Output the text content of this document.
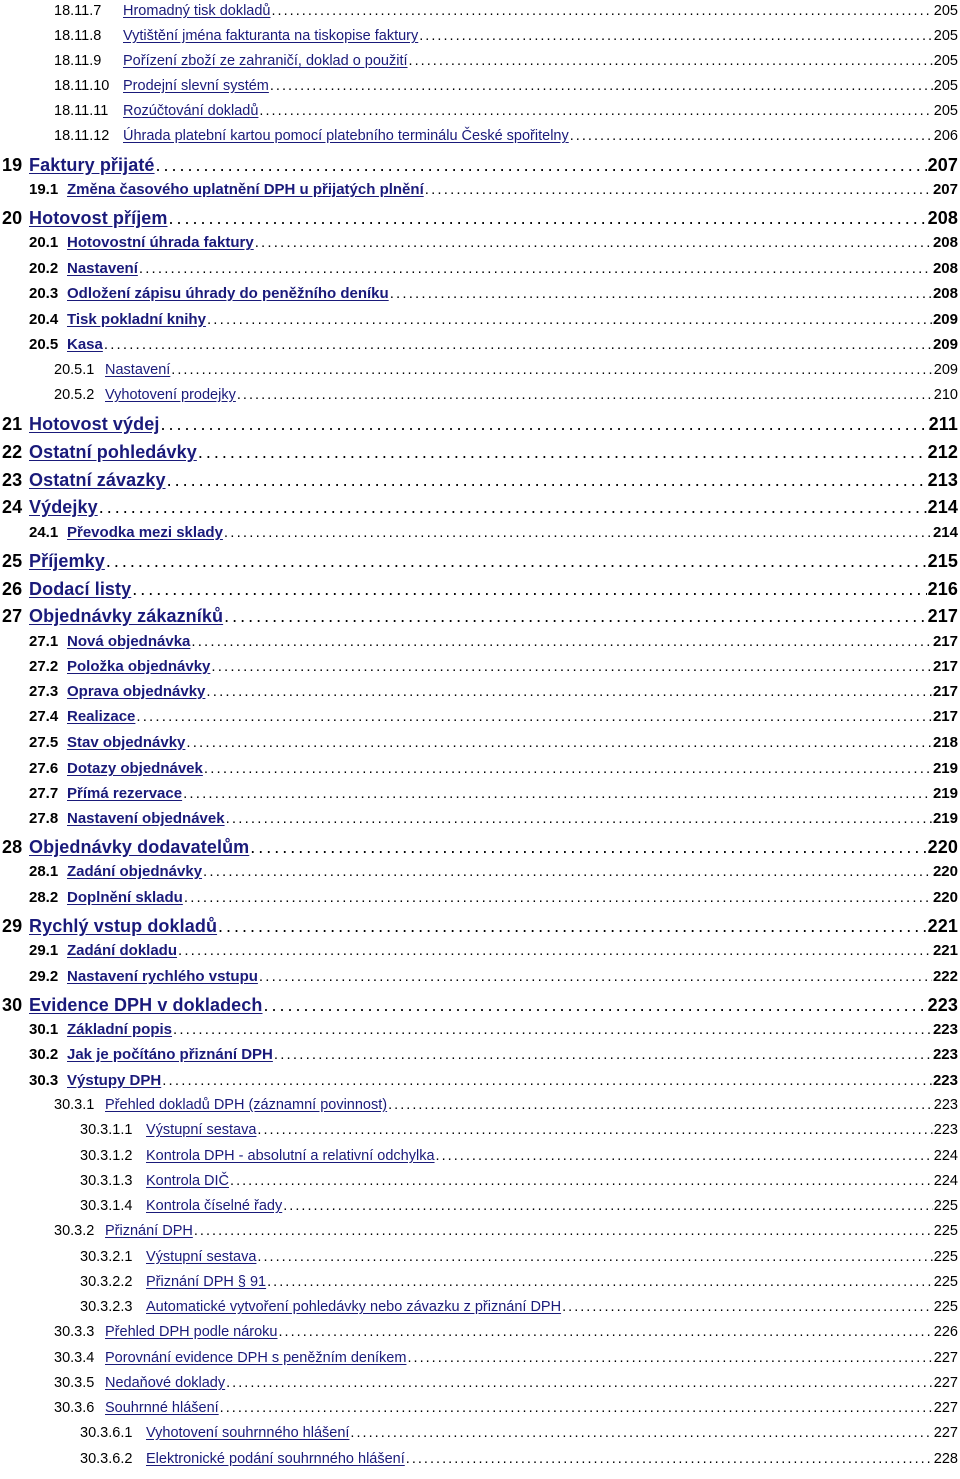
18.11.7	Hromadný tisk dokladů . . .	205
18.11.8	Vytištění jména fakturanta na tiskopise faktury . . .	205
18.11.9	Pořízení zboží ze zahraničí, doklad o použití . . .	205
18.11.10 Prodejní slevní systém . . .	205
18.11.11	Rozúčtování dokladů . . .	205
18.11.12 Úhrada platební kartou pomocí platebního terminálu České spořitelny . . .	206
19 Faktury přijaté . . .	207
19.1 Změna časového uplatnění DPH u přijatých plnění . . .	207
20 Hotovost příjem . . .	208
20.1 Hotovostní úhrada faktury . . .	208
20.2 Nastavení . . .	208
20.3 Odložení zápisu úhrady do peněžního deníku . . .	208
20.4 Tisk pokladní knihy . . .	209
20.5 Kasa . . .	209
20.5.1 Nastavení . . .	209
20.5.2 Vyhotovení prodejky . . .	210
21 Hotovost výdej . . .	211
22 Ostatní pohledávky . . .	212
23 Ostatní závazky . . .	213
24 Výdejky . . .	214
24.1 Převodka mezi sklady . . .	214
25 Příjemky . . .	215
26 Dodací listy . . .	216
27 Objednávky zákazníků . . .	217
27.1 Nová objednávka . . .	217
27.2 Položka objednávky . . .	217
27.3 Oprava objednávky . . .	217
27.4 Realizace . . .	217
27.5 Stav objednávky . . .	218
27.6 Dotazy objednávek . . .	219
27.7 Přímá rezervace . . .	219
27.8 Nastavení objednávek . . .	219
28 Objednávky dodavatelům . . .	220
28.1 Zadání objednávky . . .	220
28.2 Doplnění skladu . . .	220
29 Rychlý vstup dokladů . . .	221
29.1 Zadání dokladu . . .	221
29.2 Nastavení rychlého vstupu . . .	222
30 Evidence DPH v dokladech . . .	223
30.1 Základní popis . . .	223
30.2 Jak je počítáno přiznání DPH . . .	223
30.3 Výstupy DPH . . .	223
30.3.1 Přehled dokladů DPH (záznamní povinnost) . . .	223
30.3.1.1 Výstupní sestava . . .	223
30.3.1.2 Kontrola DPH - absolutní a relativní odchylka . . .	224
30.3.1.3 Kontrola DIČ . . .	224
30.3.1.4 Kontrola číselné řady . . .	225
30.3.2 Přiznání DPH . . .	225
30.3.2.1 Výstupní sestava . . .	225
30.3.2.2 Přiznání DPH § 91 . . .	225
30.3.2.3 Automatické vytvoření pohledávky nebo závazku z přiznání DPH . . .	225
30.3.3 Přehled DPH podle nároku . . .	226
30.3.4 Porovnání evidence DPH s peněžním deníkem . . .	227
30.3.5 Nedaňové doklady . . .	227
30.3.6 Souhrnné hlášení . . .	227
30.3.6.1 Vyhotovení souhrnného hlášení . . .	227
30.3.6.2 Elektronické podání souhrnného hlášení . . .	228
